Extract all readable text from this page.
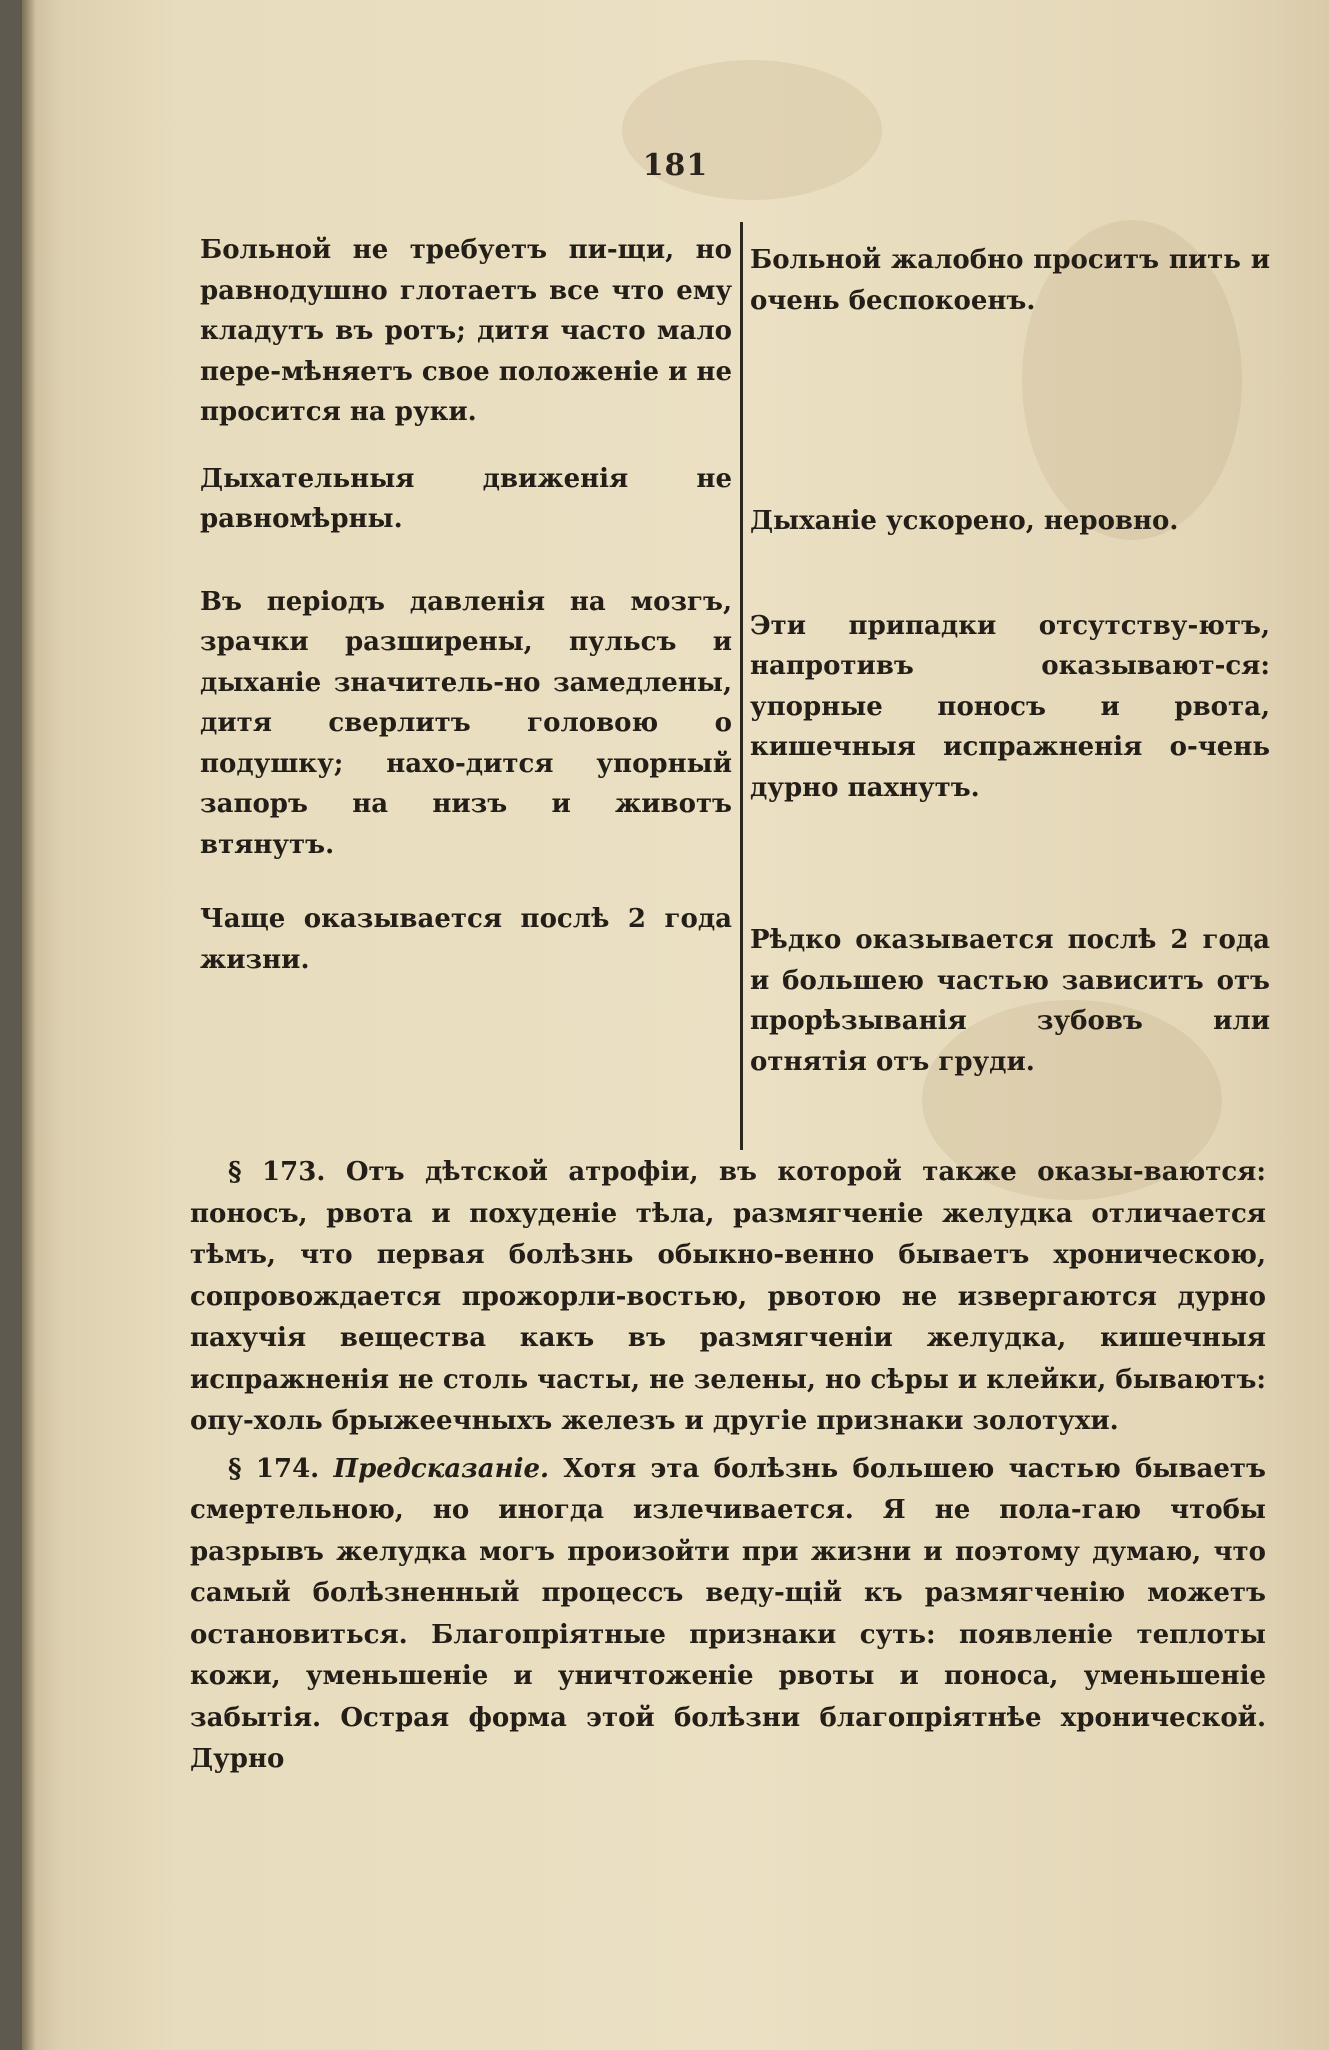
181

Больной не требуетъ пи-щи, но равнодушно глотаетъ все что ему кладутъ въ ротъ; дитя часто мало пере-мѣняетъ свое положенiе и не просится на руки.

Дыхательныя движенiя не равномѣрны.

Въ перiодъ давленiя на мозгъ, зрачки разширены, пульсъ и дыханiе значитель-но замедлены, дитя сверлитъ головою о подушку; нахо-дится упорный запоръ на низъ и животъ втянутъ.

Чаще оказывается послѣ 2 года жизни.

Больной жалобно проситъ пить и очень беспокоенъ.

Дыханiе ускорено, неровно.

Эти припадки отсутству-ютъ, напротивъ оказывают-ся: упорные поносъ и рвота, кишечныя испражненiя о-чень дурно пахнутъ.

Рѣдко оказывается послѣ 2 года и большею частью зависитъ отъ прорѣзыванiя зубовъ или отнятiя отъ груди.

§ 173. Отъ дѣтской атрофiи, въ которой также оказы-ваются: поносъ, рвота и похуденiе тѣла, размягченiе желудка отличается тѣмъ, что первая болѣзнь обыкно-венно бываетъ хроническою, сопровождается прожорли-востью, рвотою не извергаются дурно пахучiя вещества какъ въ размягченiи желудка, кишечныя испражненiя не столь часты, не зелены, но сѣры и клейки, бываютъ: опу-холь брыжеечныхъ железъ и другiе признаки золотухи.

§ 174. Предсказанiе. Хотя эта болѣзнь большею частью бываетъ смертельною, но иногда излечивается. Я не пола-гаю чтобы разрывъ желудка могъ произойти при жизни и поэтому думаю, что самый болѣзненный процессъ веду-щiй къ размягченiю можетъ остановиться. Благопрiятные признаки суть: появленiе теплоты кожи, уменьшенiе и уничтоженiе рвоты и поноса, уменьшенiе забытiя. Острая форма этой болѣзни благопрiятнѣе хронической. Дурно
